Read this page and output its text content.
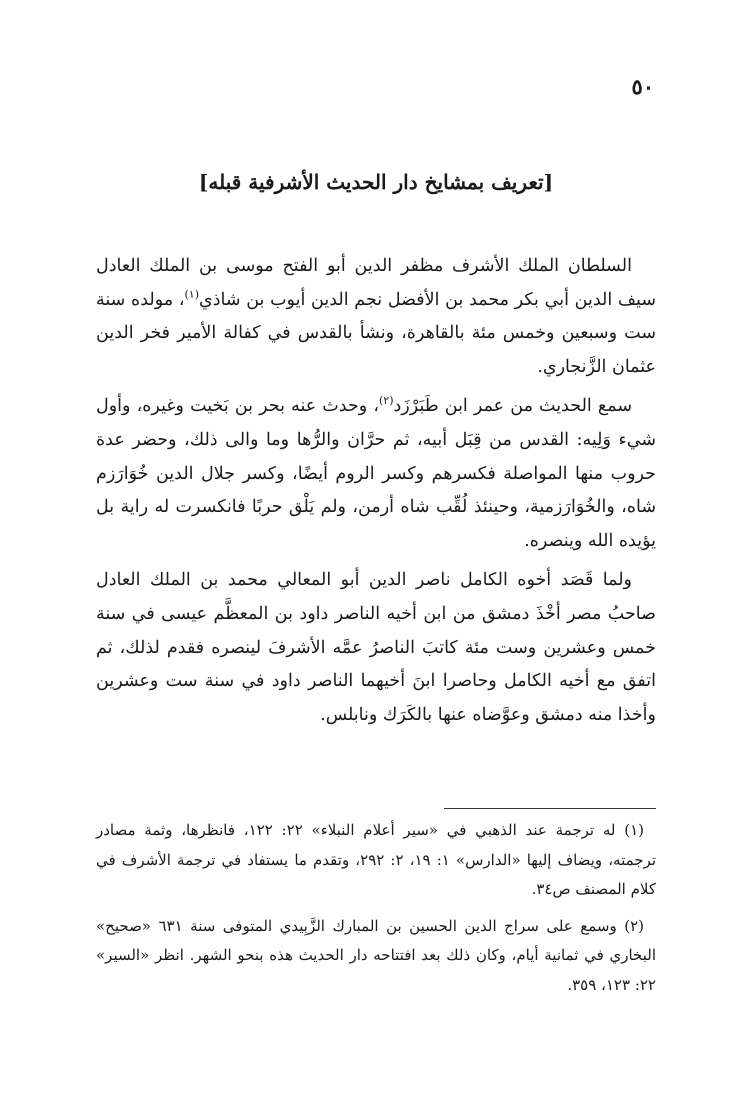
٥٠
[تعريف بمشايخ دار الحديث الأشرفية قبله]

السلطان الملك الأشرف مظفر الدين أبو الفتح موسى بن الملك العادل سيف الدين أبي بكر محمد بن الأفضل نجم الدين أيوب بن شاذي$^{(١)}$، مولده سنة ست وسبعين وخمس مئة بالقاهرة، ونشأ بالقدس في كفالة الأمير فخر الدين عثمان الزَّنجاري.

سمع الحديث من عمر ابن طَبَرْزَد$^{(٢)}$، وحدث عنه بحر بن بَخيت وغيره، وأول شيء وَلِيه: القدس من قِبَل أبيه، ثم حرَّان والرُّها وما والى ذلك، وحضر عدة حروب منها المواصلة فكسرهم وكسر الروم أيضًا، وكسر جلال الدين خُوَارَزم شاه، والخُوَارَزمية، وحينئذ لُقِّب شاه أرمن، ولم يَلْق حربًا فانكسرت له راية بل يؤيده الله وينصره.

ولما قَصَد أخوه الكامل ناصر الدين أبو المعالي محمد بن الملك العادل صاحبُ مصر أخْذَ دمشق من ابن أخيه الناصر داود بن المعظَّم عيسى في سنة خمس وعشرين وست مئة كاتبَ الناصرُ عمَّه الأشرفَ لينصره فقدم لذلك، ثم اتفق مع أخيه الكامل وحاصرا ابنَ أخيهما الناصر داود في سنة ست وعشرين وأخذا منه دمشق وعوَّضاه عنها بالكَرَك ونابلس.

(١) له ترجمة عند الذهبي في «سير أعلام النبلاء» ٢٢: ١٢٢، فانظرها، وثمة مصادر ترجمته، ويضاف إليها «الدارس» ١: ١٩، ٢: ٢٩٢، وتقدم ما يستفاد في ترجمة الأشرف في كلام المصنف ص٣٤.

(٢) وسمع على سراج الدين الحسين بن المبارك الزَّبِيدي المتوفى سنة ٦٣١ «صحيح» البخاري في ثمانية أيام، وكان ذلك بعد افتتاحه دار الحديث هذه بنحو الشهر. انظر «السير» ٢٢: ١٢٣، ٣٥٩.
